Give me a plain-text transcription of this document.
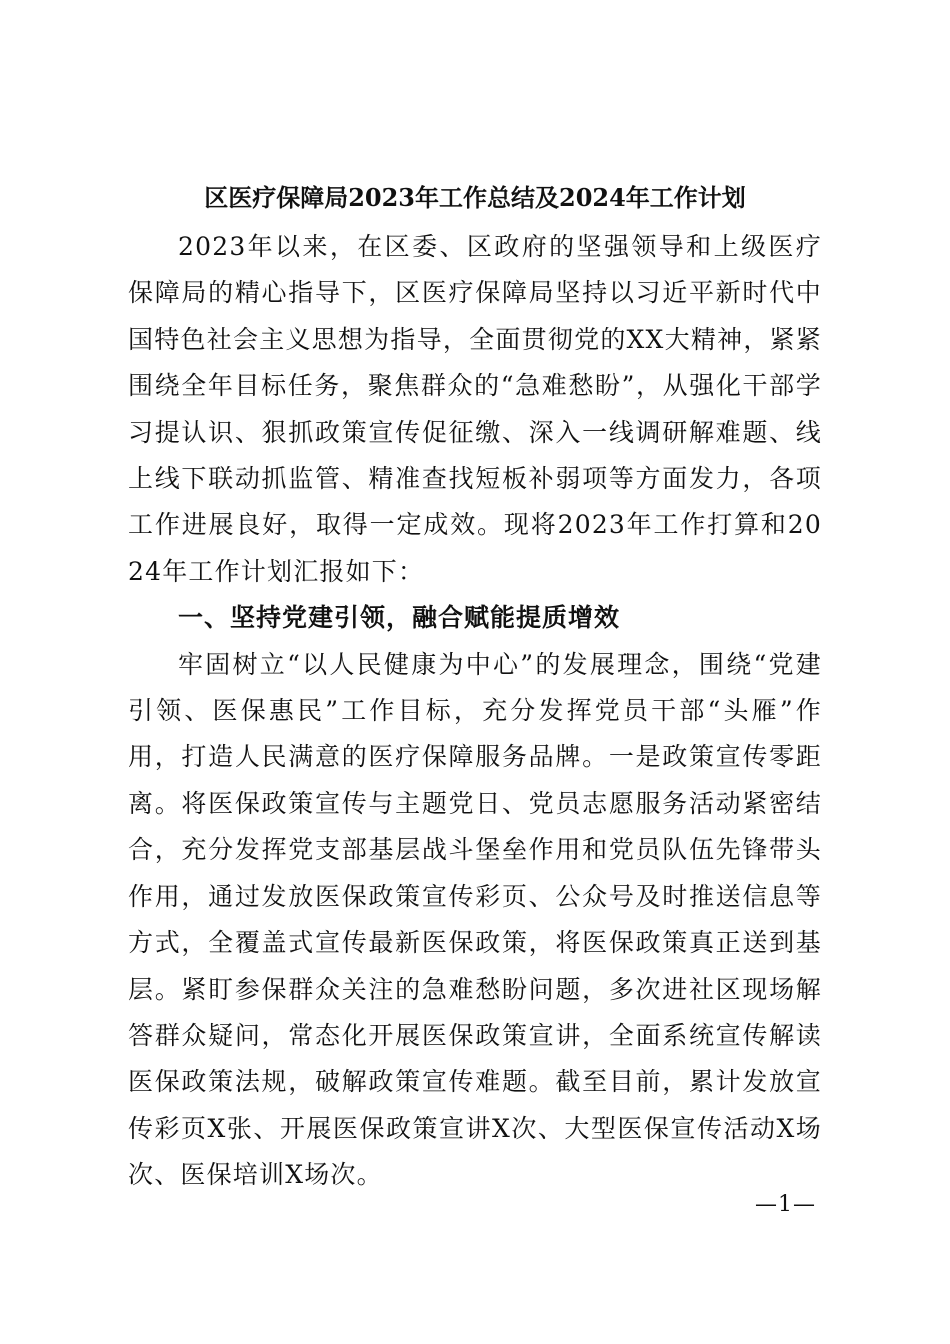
区医疗保障局2023年工作总结及2024年工作计划

2023年以来，在区委、区政府的坚强领导和上级医疗保障局的精心指导下，区医疗保障局坚持以习近平新时代中国特色社会主义思想为指导，全面贯彻党的XX大精神，紧紧围绕全年目标任务，聚焦群众的“急难愁盼”，从强化干部学习提认识、狠抓政策宣传促征缴、深入一线调研解难题、线上线下联动抓监管、精准查找短板补弱项等方面发力，各项工作进展良好，取得一定成效。现将2023年工作打算和2024年工作计划汇报如下：

一、坚持党建引领，融合赋能提质增效

牢固树立“以人民健康为中心”的发展理念，围绕“党建引领、医保惠民”工作目标，充分发挥党员干部“头雁”作用，打造人民满意的医疗保障服务品牌。一是政策宣传零距离。将医保政策宣传与主题党日、党员志愿服务活动紧密结合，充分发挥党支部基层战斗堡垒作用和党员队伍先锋带头作用，通过发放医保政策宣传彩页、公众号及时推送信息等方式，全覆盖式宣传最新医保政策，将医保政策真正送到基层。紧盯参保群众关注的急难愁盼问题，多次进社区现场解答群众疑问，常态化开展医保政策宣讲，全面系统宣传解读医保政策法规，破解政策宣传难题。截至目前，累计发放宣传彩页X张、开展医保政策宣讲X次、大型医保宣传活动X场次、医保培训X场次。

—1—
